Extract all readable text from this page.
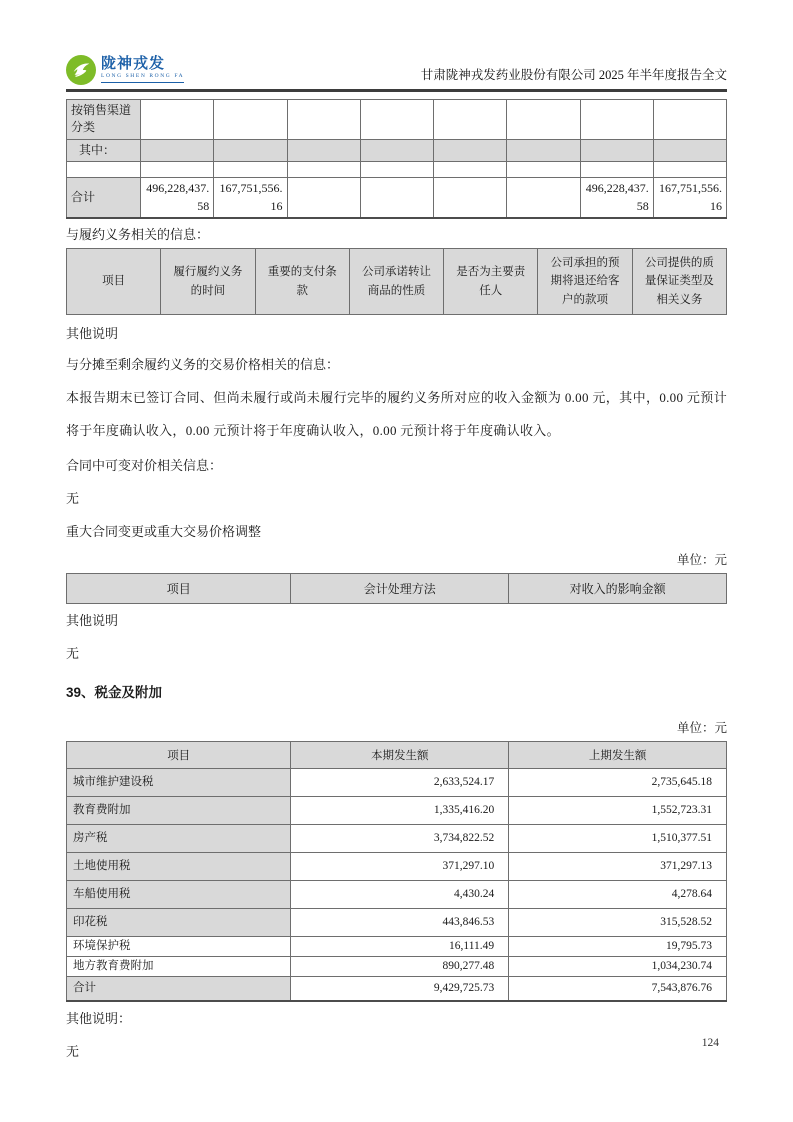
陇神戎发
LONG SHEN RONG FA	甘肃陇神戎发药业股份有限公司 2025 年半年度报告全文
按销售渠道分类								
其中：								

合计	496,228,437.58	167,751,556.16					496,228,437.58	167,751,556.16
与履约义务相关的信息：
项目	履行履约义务的时间	重要的支付条款	公司承诺转让商品的性质	是否为主要责任人	公司承担的预期将退还给客户的款项	公司提供的质量保证类型及相关义务
其他说明
与分摊至剩余履约义务的交易价格相关的信息：
本报告期末已签订合同、但尚未履行或尚未履行完毕的履约义务所对应的收入金额为 0.00 元，其中，0.00 元预计将于年度确认收入，0.00 元预计将于年度确认收入，0.00 元预计将于年度确认收入。
合同中可变对价相关信息：
无
重大合同变更或重大交易价格调整
单位：元
项目	会计处理方法	对收入的影响金额
其他说明
无
39、税金及附加
单位：元
项目	本期发生额	上期发生额
城市维护建设税	2,633,524.17	2,735,645.18
教育费附加	1,335,416.20	1,552,723.31
房产税	3,734,822.52	1,510,377.51
土地使用税	371,297.10	371,297.13
车船使用税	4,430.24	4,278.64
印花税	443,846.53	315,528.52
环境保护税	16,111.49	19,795.73
地方教育费附加	890,277.48	1,034,230.74
合计	9,429,725.73	7,543,876.76
其他说明：
无
124
